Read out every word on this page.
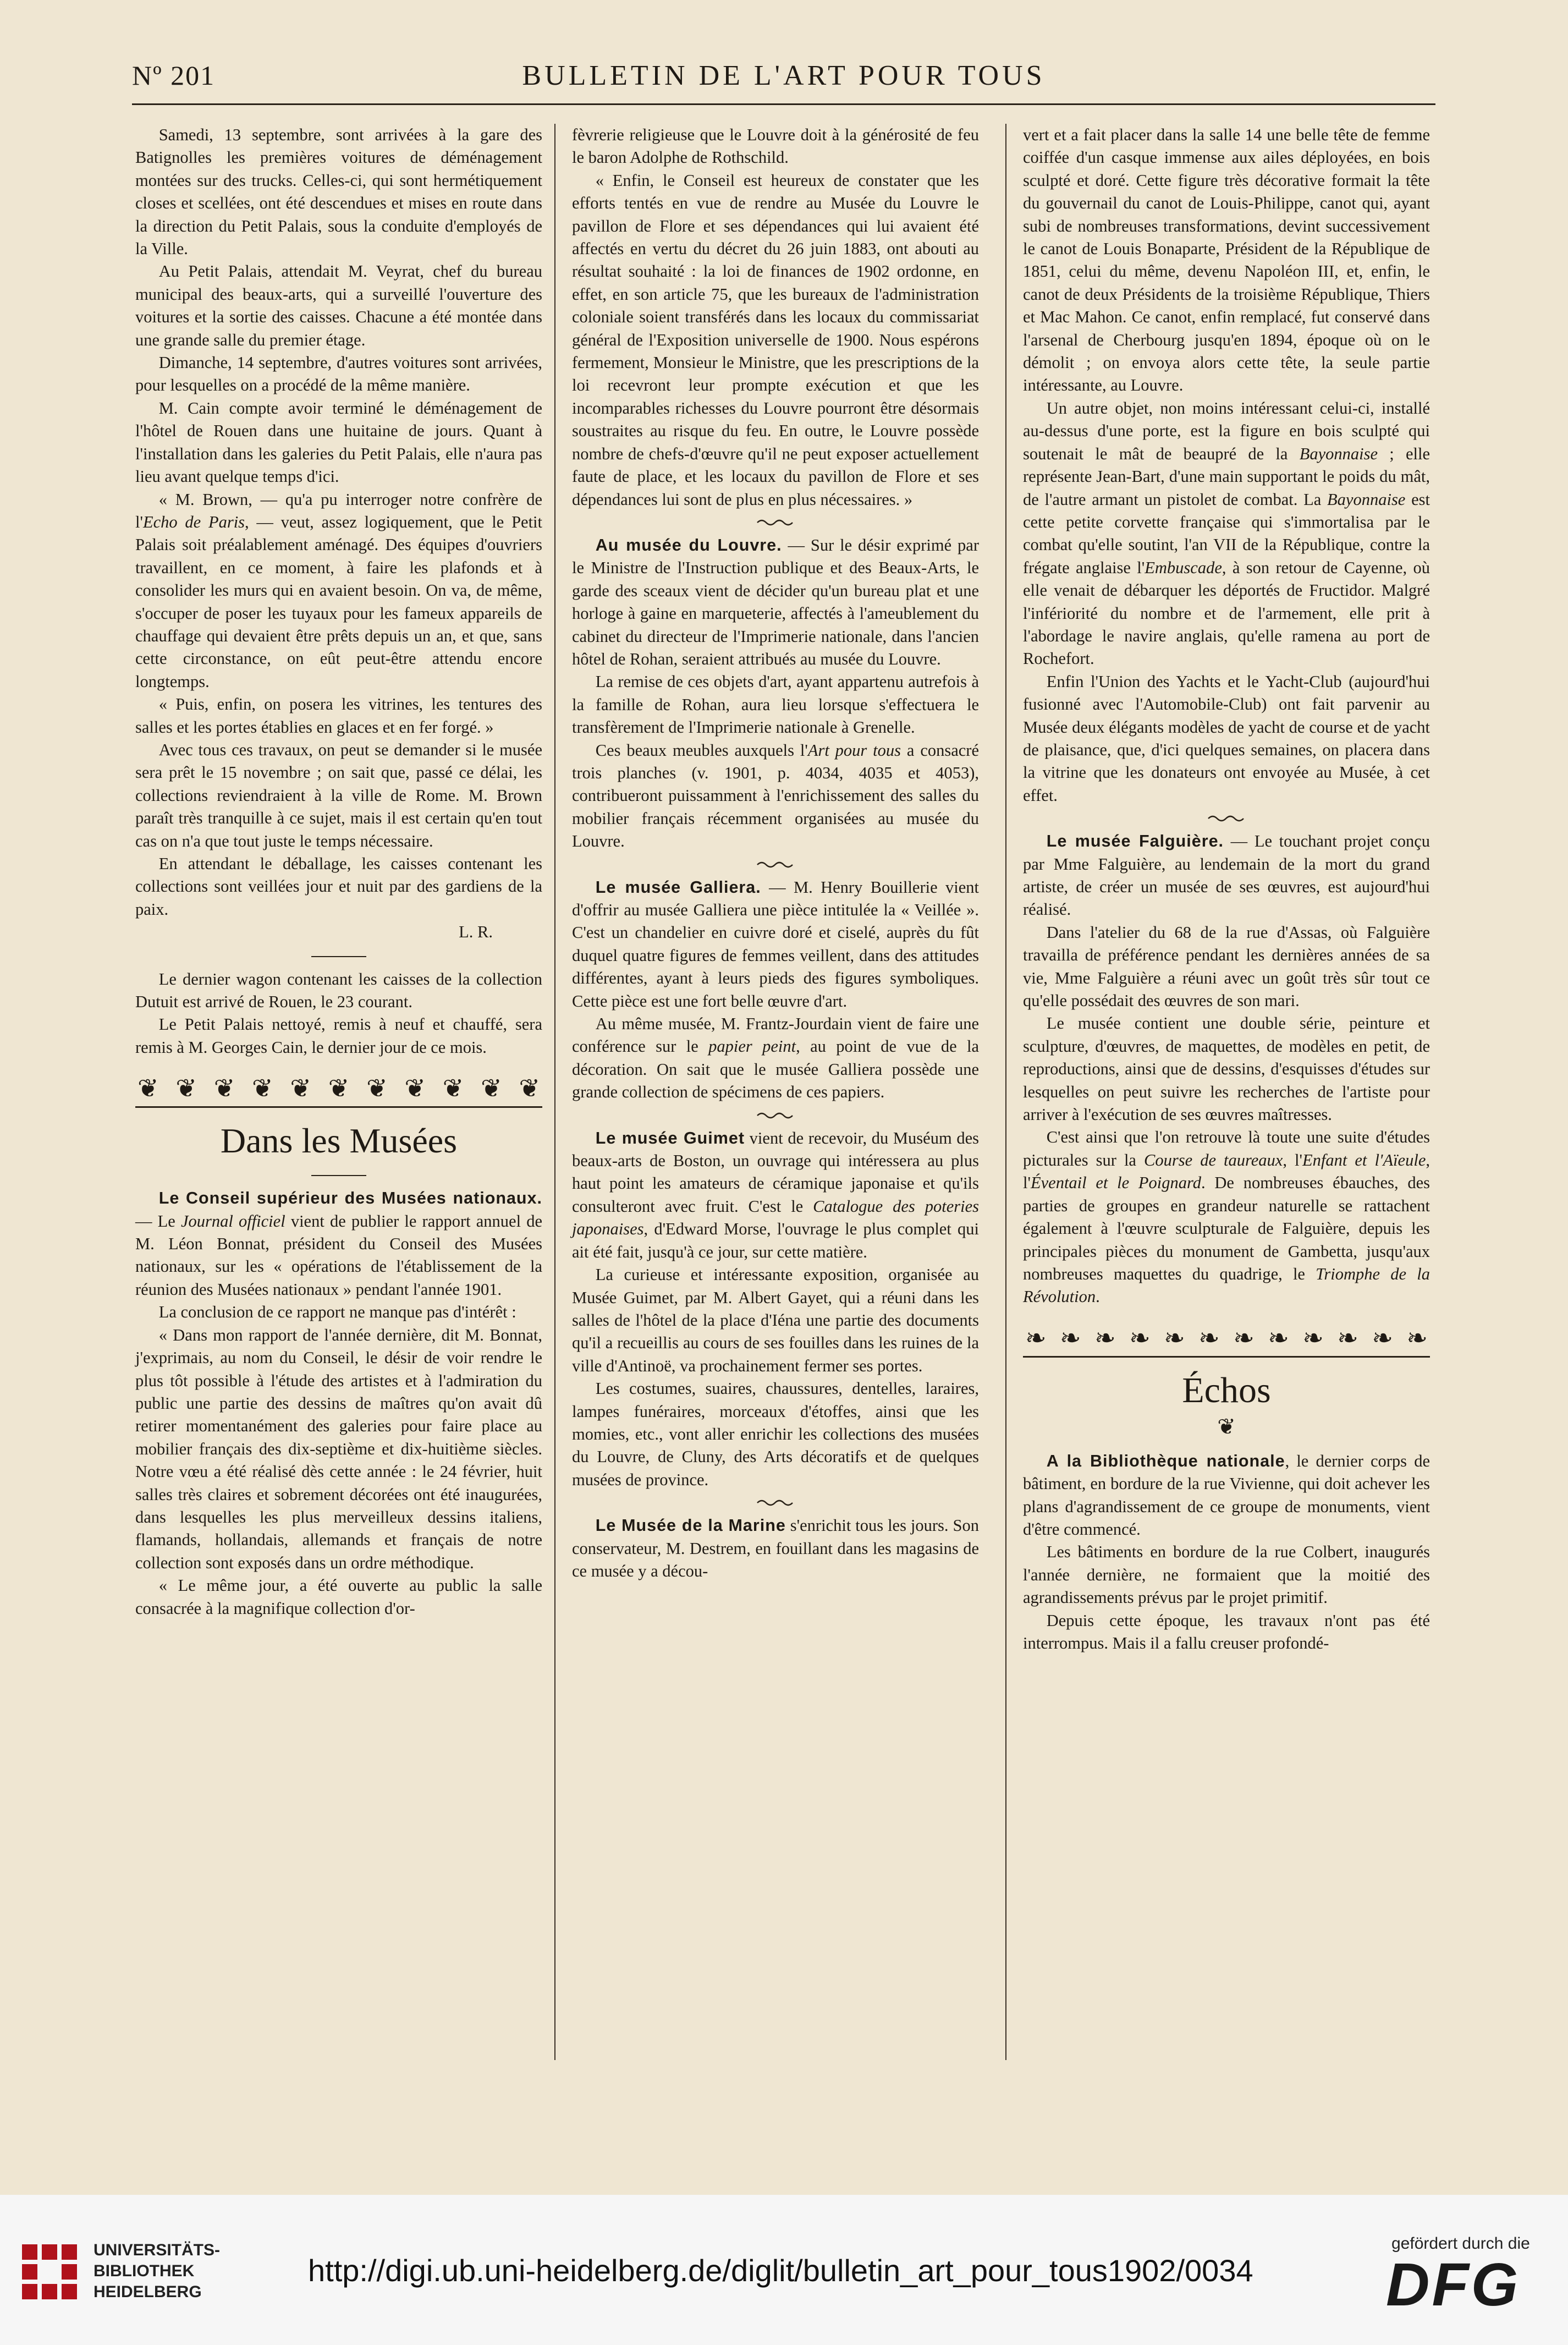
BULLETIN DE L'ART POUR TOUS
Nº 201

Samedi, 13 septembre, sont arrivées à la gare des Batignolles les premières voitures de déménagement montées sur des trucks. Celles-ci, qui sont hermétiquement closes et scellées, ont été descendues et mises en route dans la direction du Petit Palais, sous la conduite d'employés de la Ville.

Au Petit Palais, attendait M. Veyrat, chef du bureau municipal des beaux-arts, qui a surveillé l'ouverture des voitures et la sortie des caisses. Chacune a été montée dans une grande salle du premier étage.

Dimanche, 14 septembre, d'autres voitures sont arrivées, pour lesquelles on a procédé de la même manière.

M. Cain compte avoir terminé le déménagement de l'hôtel de Rouen dans une huitaine de jours. Quant à l'installation dans les galeries du Petit Palais, elle n'aura pas lieu avant quelque temps d'ici.

« M. Brown, — qu'a pu interroger notre confrère de l'Echo de Paris, — veut, assez logiquement, que le Petit Palais soit préalablement aménagé. Des équipes d'ouvriers travaillent, en ce moment, à faire les plafonds et à consolider les murs qui en avaient besoin. On va, de même, s'occuper de poser les tuyaux pour les fameux appareils de chauffage qui devaient être prêts depuis un an, et que, sans cette circonstance, on eût peut-être attendu encore longtemps.

« Puis, enfin, on posera les vitrines, les tentures des salles et les portes établies en glaces et en fer forgé. »

Avec tous ces travaux, on peut se demander si le musée sera prêt le 15 novembre ; on sait que, passé ce délai, les collections reviendraient à la ville de Rome. M. Brown paraît très tranquille à ce sujet, mais il est certain qu'en tout cas on n'a que tout juste le temps nécessaire.

En attendant le déballage, les caisses contenant les collections sont veillées jour et nuit par des gardiens de la paix.

L. R.

Le dernier wagon contenant les caisses de la collection Dutuit est arrivé de Rouen, le 23 courant.

Le Petit Palais nettoyé, remis à neuf et chauffé, sera remis à M. Georges Cain, le dernier jour de ce mois.

❦ ❦ ❦ ❦ ❦ ❦ ❦ ❦ ❦ ❦ ❦
Dans les Musées

Le Conseil supérieur des Musées nationaux. — Le Journal officiel vient de publier le rapport annuel de M. Léon Bonnat, président du Conseil des Musées nationaux, sur les « opérations de l'établissement de la réunion des Musées nationaux » pendant l'année 1901.

La conclusion de ce rapport ne manque pas d'intérêt :

« Dans mon rapport de l'année dernière, dit M. Bonnat, j'exprimais, au nom du Conseil, le désir de voir rendre le plus tôt possible à l'étude des artistes et à l'admiration du public une partie des dessins de maîtres qu'on avait dû retirer momentanément des galeries pour faire place au mobilier français des dix-septième et dix-huitième siècles. Notre vœu a été réalisé dès cette année : le 24 février, huit salles très claires et sobrement décorées ont été inaugurées, dans lesquelles les plus merveilleux dessins italiens, flamands, hollandais, allemands et français de notre collection sont exposés dans un ordre méthodique.

« Le même jour, a été ouverte au public la salle consacrée à la magnifique collection d'or-

fèvrerie religieuse que le Louvre doit à la générosité de feu le baron Adolphe de Rothschild.

« Enfin, le Conseil est heureux de constater que les efforts tentés en vue de rendre au Musée du Louvre le pavillon de Flore et ses dépendances qui lui avaient été affectés en vertu du décret du 26 juin 1883, ont abouti au résultat souhaité : la loi de finances de 1902 ordonne, en effet, en son article 75, que les bureaux de l'administration coloniale soient transférés dans les locaux du commissariat général de l'Exposition universelle de 1900. Nous espérons fermement, Monsieur le Ministre, que les prescriptions de la loi recevront leur prompte exécution et que les incomparables richesses du Louvre pourront être désormais soustraites au risque du feu. En outre, le Louvre possède nombre de chefs-d'œuvre qu'il ne peut exposer actuellement faute de place, et les locaux du pavillon de Flore et ses dépendances lui sont de plus en plus nécessaires. »

Au musée du Louvre. — Sur le désir exprimé par le Ministre de l'Instruction publique et des Beaux-Arts, le garde des sceaux vient de décider qu'un bureau plat et une horloge à gaine en marqueterie, affectés à l'ameublement du cabinet du directeur de l'Imprimerie nationale, dans l'ancien hôtel de Rohan, seraient attribués au musée du Louvre.

La remise de ces objets d'art, ayant appartenu autrefois à la famille de Rohan, aura lieu lorsque s'effectuera le transfèrement de l'Imprimerie nationale à Grenelle.

Ces beaux meubles auxquels l'Art pour tous a consacré trois planches (v. 1901, p. 4034, 4035 et 4053), contribueront puissamment à l'enrichissement des salles du mobilier français récemment organisées au musée du Louvre.

Le musée Galliera. — M. Henry Bouillerie vient d'offrir au musée Galliera une pièce intitulée la « Veillée ». C'est un chandelier en cuivre doré et ciselé, auprès du fût duquel quatre figures de femmes veillent, dans des attitudes différentes, ayant à leurs pieds des figures symboliques. Cette pièce est une fort belle œuvre d'art.

Au même musée, M. Frantz-Jourdain vient de faire une conférence sur le papier peint, au point de vue de la décoration. On sait que le musée Galliera possède une grande collection de spécimens de ces papiers.

Le musée Guimet vient de recevoir, du Muséum des beaux-arts de Boston, un ouvrage qui intéressera au plus haut point les amateurs de céramique japonaise et qu'ils consulteront avec fruit. C'est le Catalogue des poteries japonaises, d'Edward Morse, l'ouvrage le plus complet qui ait été fait, jusqu'à ce jour, sur cette matière.

La curieuse et intéressante exposition, organisée au Musée Guimet, par M. Albert Gayet, qui a réuni dans les salles de l'hôtel de la place d'Iéna une partie des documents qu'il a recueillis au cours de ses fouilles dans les ruines de la ville d'Antinoë, va prochainement fermer ses portes.

Les costumes, suaires, chaussures, dentelles, laraires, lampes funéraires, morceaux d'étoffes, ainsi que les momies, etc., vont aller enrichir les collections des musées du Louvre, de Cluny, des Arts décoratifs et de quelques musées de province.

Le Musée de la Marine s'enrichit tous les jours. Son conservateur, M. Destrem, en fouillant dans les magasins de ce musée y a décou-

vert et a fait placer dans la salle 14 une belle tête de femme coiffée d'un casque immense aux ailes déployées, en bois sculpté et doré. Cette figure très décorative formait la tête du gouvernail du canot de Louis-Philippe, canot qui, ayant subi de nombreuses transformations, devint successivement le canot de Louis Bonaparte, Président de la République de 1851, celui du même, devenu Napoléon III, et, enfin, le canot de deux Présidents de la troisième République, Thiers et Mac Mahon. Ce canot, enfin remplacé, fut conservé dans l'arsenal de Cherbourg jusqu'en 1894, époque où on le démolit ; on envoya alors cette tête, la seule partie intéressante, au Louvre.

Un autre objet, non moins intéressant celui-ci, installé au-dessus d'une porte, est la figure en bois sculpté qui soutenait le mât de beaupré de la Bayonnaise ; elle représente Jean-Bart, d'une main supportant le poids du mât, de l'autre armant un pistolet de combat. La Bayonnaise est cette petite corvette française qui s'immortalisa par le combat qu'elle soutint, l'an VII de la République, contre la frégate anglaise l'Embuscade, à son retour de Cayenne, où elle venait de débarquer les déportés de Fructidor. Malgré l'infériorité du nombre et de l'armement, elle prit à l'abordage le navire anglais, qu'elle ramena au port de Rochefort.

Enfin l'Union des Yachts et le Yacht-Club (aujourd'hui fusionné avec l'Automobile-Club) ont fait parvenir au Musée deux élégants modèles de yacht de course et de yacht de plaisance, que, d'ici quelques semaines, on placera dans la vitrine que les donateurs ont envoyée au Musée, à cet effet.

Le musée Falguière. — Le touchant projet conçu par Mme Falguière, au lendemain de la mort du grand artiste, de créer un musée de ses œuvres, est aujourd'hui réalisé.

Dans l'atelier du 68 de la rue d'Assas, où Falguière travailla de préférence pendant les dernières années de sa vie, Mme Falguière a réuni avec un goût très sûr tout ce qu'elle possédait des œuvres de son mari.

Le musée contient une double série, peinture et sculpture, d'œuvres, de maquettes, de modèles en petit, de reproductions, ainsi que de dessins, d'esquisses d'études sur lesquelles on peut suivre les recherches de l'artiste pour arriver à l'exécution de ses œuvres maîtresses.

C'est ainsi que l'on retrouve là toute une suite d'études picturales sur la Course de taureaux, l'Enfant et l'Aïeule, l'Éventail et le Poignard. De nombreuses ébauches, des parties de groupes en grandeur naturelle se rattachent également à l'œuvre sculpturale de Falguière, depuis les principales pièces du monument de Gambetta, jusqu'aux nombreuses maquettes du quadrige, le Triomphe de la Révolution.

❧ ❧ ❧ ❧ ❧ ❧ ❧ ❧ ❧ ❧ ❧ ❧
Échos
❦

A la Bibliothèque nationale, le dernier corps de bâtiment, en bordure de la rue Vivienne, qui doit achever les plans d'agrandissement de ce groupe de monuments, vient d'être commencé.

Les bâtiments en bordure de la rue Colbert, inaugurés l'année dernière, ne formaient que la moitié des agrandissements prévus par le projet primitif.

Depuis cette époque, les travaux n'ont pas été interrompus. Mais il a fallu creuser profondé-

UNIVERSITÄTS-
BIBLIOTHEK
HEIDELBERG
http://digi.ub.uni-heidelberg.de/diglit/bulletin_art_pour_tous1902/0034
gefördert durch die
DFG
